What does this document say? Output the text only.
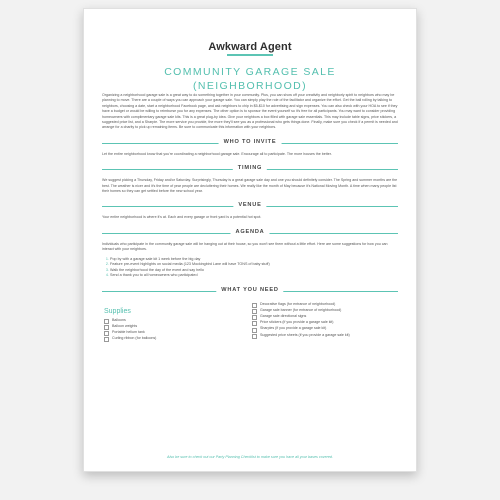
Awkward Agent
COMMUNITY GARAGE SALE
(NEIGHBORHOOD)

Organizing a neighborhood garage sale is a great way to do something together in your community. Plus, you can show off your creativity and neighborly spirit to neighbors who may be planning to move. There are a couple of ways you can approach your garage sale. You can simply play the role of the facilitator and organize the effort. Get the ball rolling by talking to neighbors, choosing a date, start a neighborhood Facebook page, and ask neighbors to chip in $5-$10 for advertising and sign expenses. You can also check with your HOA to see if they have a budget or would be willing to reimburse you for any expenses. The other option is to sponsor the event yourself so it's free for all participants. You may want to consider providing homeowners with complimentary garage sale kits. This is a great plug-by idea. Give your neighbors a box filled with garage sale essentials. This may include table signs, price stickers, a suggested price list, and a Sharpie. The more service you provide, the more they'll see you as a professional who gets things done. Finally, make sure you check if a permit is needed and arrange for a charity to pick up remaining items. Be sure to communicate this information with your neighbors.

WHO TO INVITE

Let the entire neighborhood know that you're coordinating a neighborhood garage sale. Encourage all to participate. The more houses the better.

TIMING

We suggest picking a Thursday, Friday and/or Saturday. Surprisingly, Thursday is a great garage sale day and one you should definitely consider. The Spring and summer months are the best. The weather is nicer and it's the time of year people are decluttering their homes. We really like the month of May because it's National Moving Month. A time when many people list their homes so they can get settled before the new school year.

VENUE

Your entire neighborhood is where it's at. Each and every garage or front yard is a potential hot spot.

AGENDA

Individuals who participate in the community garage sale will be hanging out at their house, so you won't see them without a little effort. Here are some suggestions for how you can interact with your neighbors.

1. Pop by with a garage sale kit 1 week before the big day
2. Feature pre-event highlights on social media (123 Mockingbird Lane will have TONS of baby stuff)
3. Walk the neighborhood the day of the event and say hello
4. Send a thank you to all homeowners who participated
WHAT YOU NEED
Supplies
Balloons
Balloon weights
Portable helium tank
Curling ribbon (for balloons)
Decorative flags (for entrance of neighborhood)
Garage sale banner (for entrance of neighborhood)
Garage sale directional signs
Price stickers (if you provide a garage sale kit)
Sharpies (if you provide a garage sale kit)
Suggested price sheets (if you provide a garage sale kit)
Also be sure to check out our Party Planning Checklist to make sure you have all your bases covered.
